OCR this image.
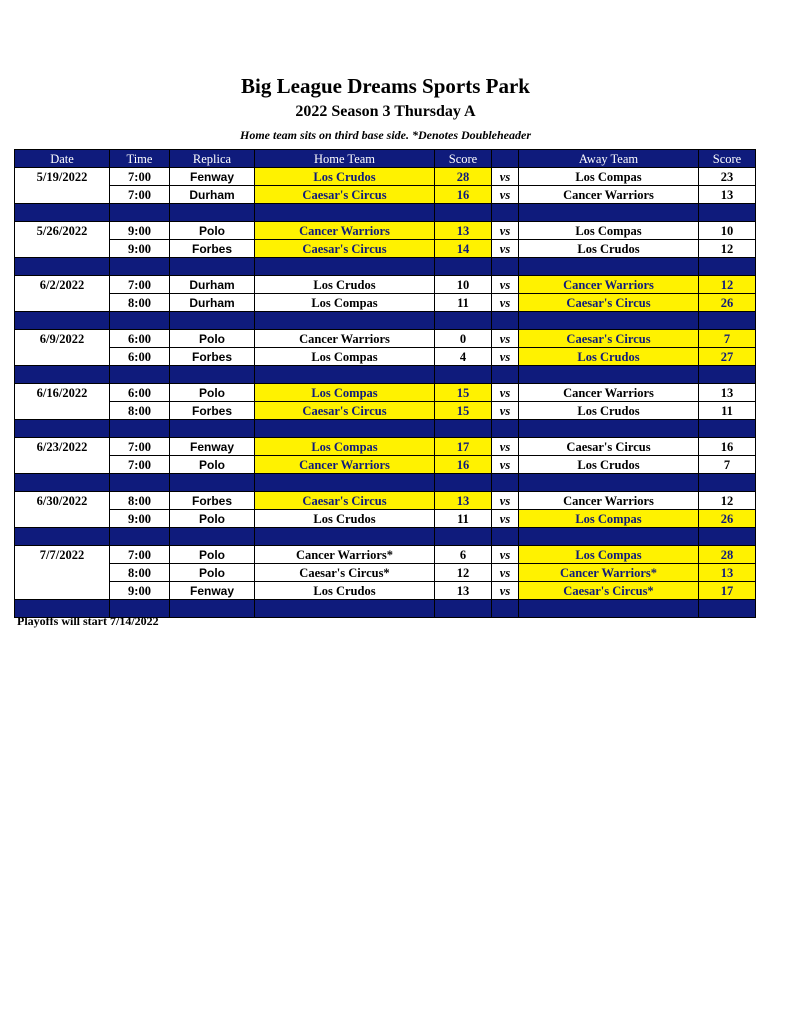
Big League Dreams Sports Park
2022 Season 3 Thursday A
Home team sits on third base side. *Denotes Doubleheader
Date	Time	Replica	Home Team	Score		Away Team	Score
5/19/2022	7:00	Fenway	Los Crudos	28	vs	Los Compas	23
	7:00	Durham	Caesar's Circus	16	vs	Cancer Warriors	13

5/26/2022	9:00	Polo	Cancer Warriors	13	vs	Los Compas	10
	9:00	Forbes	Caesar's Circus	14	vs	Los Crudos	12

6/2/2022	7:00	Durham	Los Crudos	10	vs	Cancer Warriors	12
	8:00	Durham	Los Compas	11	vs	Caesar's Circus	26

6/9/2022	6:00	Polo	Cancer Warriors	0	vs	Caesar's Circus	7
	6:00	Forbes	Los Compas	4	vs	Los Crudos	27

6/16/2022	6:00	Polo	Los Compas	15	vs	Cancer Warriors	13
	8:00	Forbes	Caesar's Circus	15	vs	Los Crudos	11

6/23/2022	7:00	Fenway	Los Compas	17	vs	Caesar's Circus	16
	7:00	Polo	Cancer Warriors	16	vs	Los Crudos	7

6/30/2022	8:00	Forbes	Caesar's Circus	13	vs	Cancer Warriors	12
	9:00	Polo	Los Crudos	11	vs	Los Compas	26

7/7/2022	7:00	Polo	Cancer Warriors*	6	vs	Los Compas	28
	8:00	Polo	Caesar's Circus*	12	vs	Cancer Warriors*	13
	9:00	Fenway	Los Crudos	13	vs	Caesar's Circus*	17

Playoffs will start 7/14/2022
